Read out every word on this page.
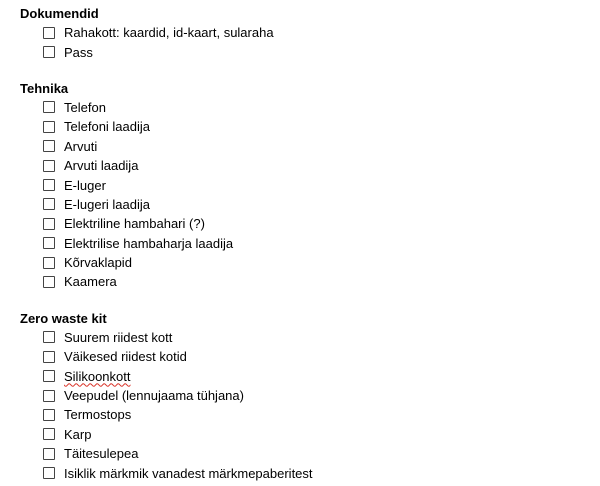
Dokumendid
Rahakott: kaardid, id-kaart, sularaha
Pass
Tehnika
Telefon
Telefoni laadija
Arvuti
Arvuti laadija
E-luger
E-lugeri laadija
Elektriline hambahari (?)
Elektrilise hambaharja laadija
Kõrvaklapid
Kaamera
Zero waste kit
Suurem riidest kott
Väikesed riidest kotid
Silikoonkott
Veepudel (lennujaama tühjana)
Termostops
Karp
Täitesulepea
Isiklik märkmik vanadest märkmepaberitest
